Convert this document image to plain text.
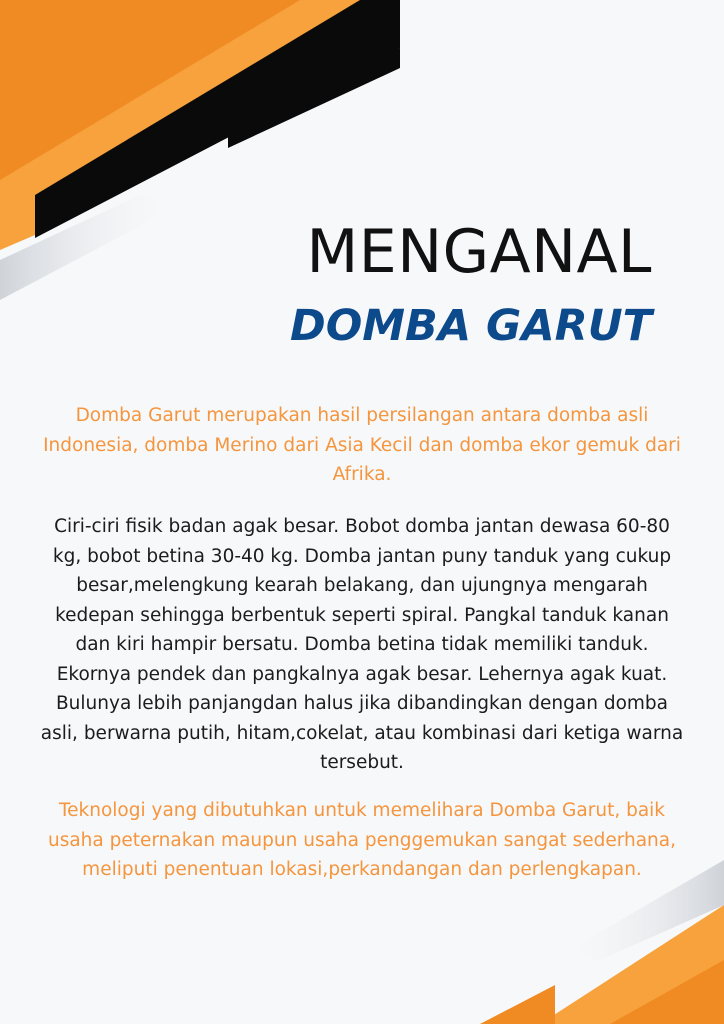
MENGANAL
DOMBA GARUT

Domba Garut merupakan hasil persilangan antara domba asli Indonesia, domba Merino dari Asia Kecil dan domba ekor gemuk dari Afrika.

Ciri-ciri fisik badan agak besar. Bobot domba jantan dewasa 60-80 kg, bobot betina 30-40 kg. Domba jantan puny tanduk yang cukup besar,melengkung kearah belakang, dan ujungnya mengarah kedepan sehingga berbentuk seperti spiral. Pangkal tanduk kanan dan kiri hampir bersatu. Domba betina tidak memiliki tanduk. Ekornya pendek dan pangkalnya agak besar. Lehernya agak kuat. Bulunya lebih panjangdan halus jika dibandingkan dengan domba asli, berwarna putih, hitam,cokelat, atau kombinasi dari ketiga warna tersebut.

Teknologi yang dibutuhkan untuk memelihara Domba Garut, baik usaha peternakan maupun usaha penggemukan sangat sederhana, meliputi penentuan lokasi,perkandangan dan perlengkapan.
